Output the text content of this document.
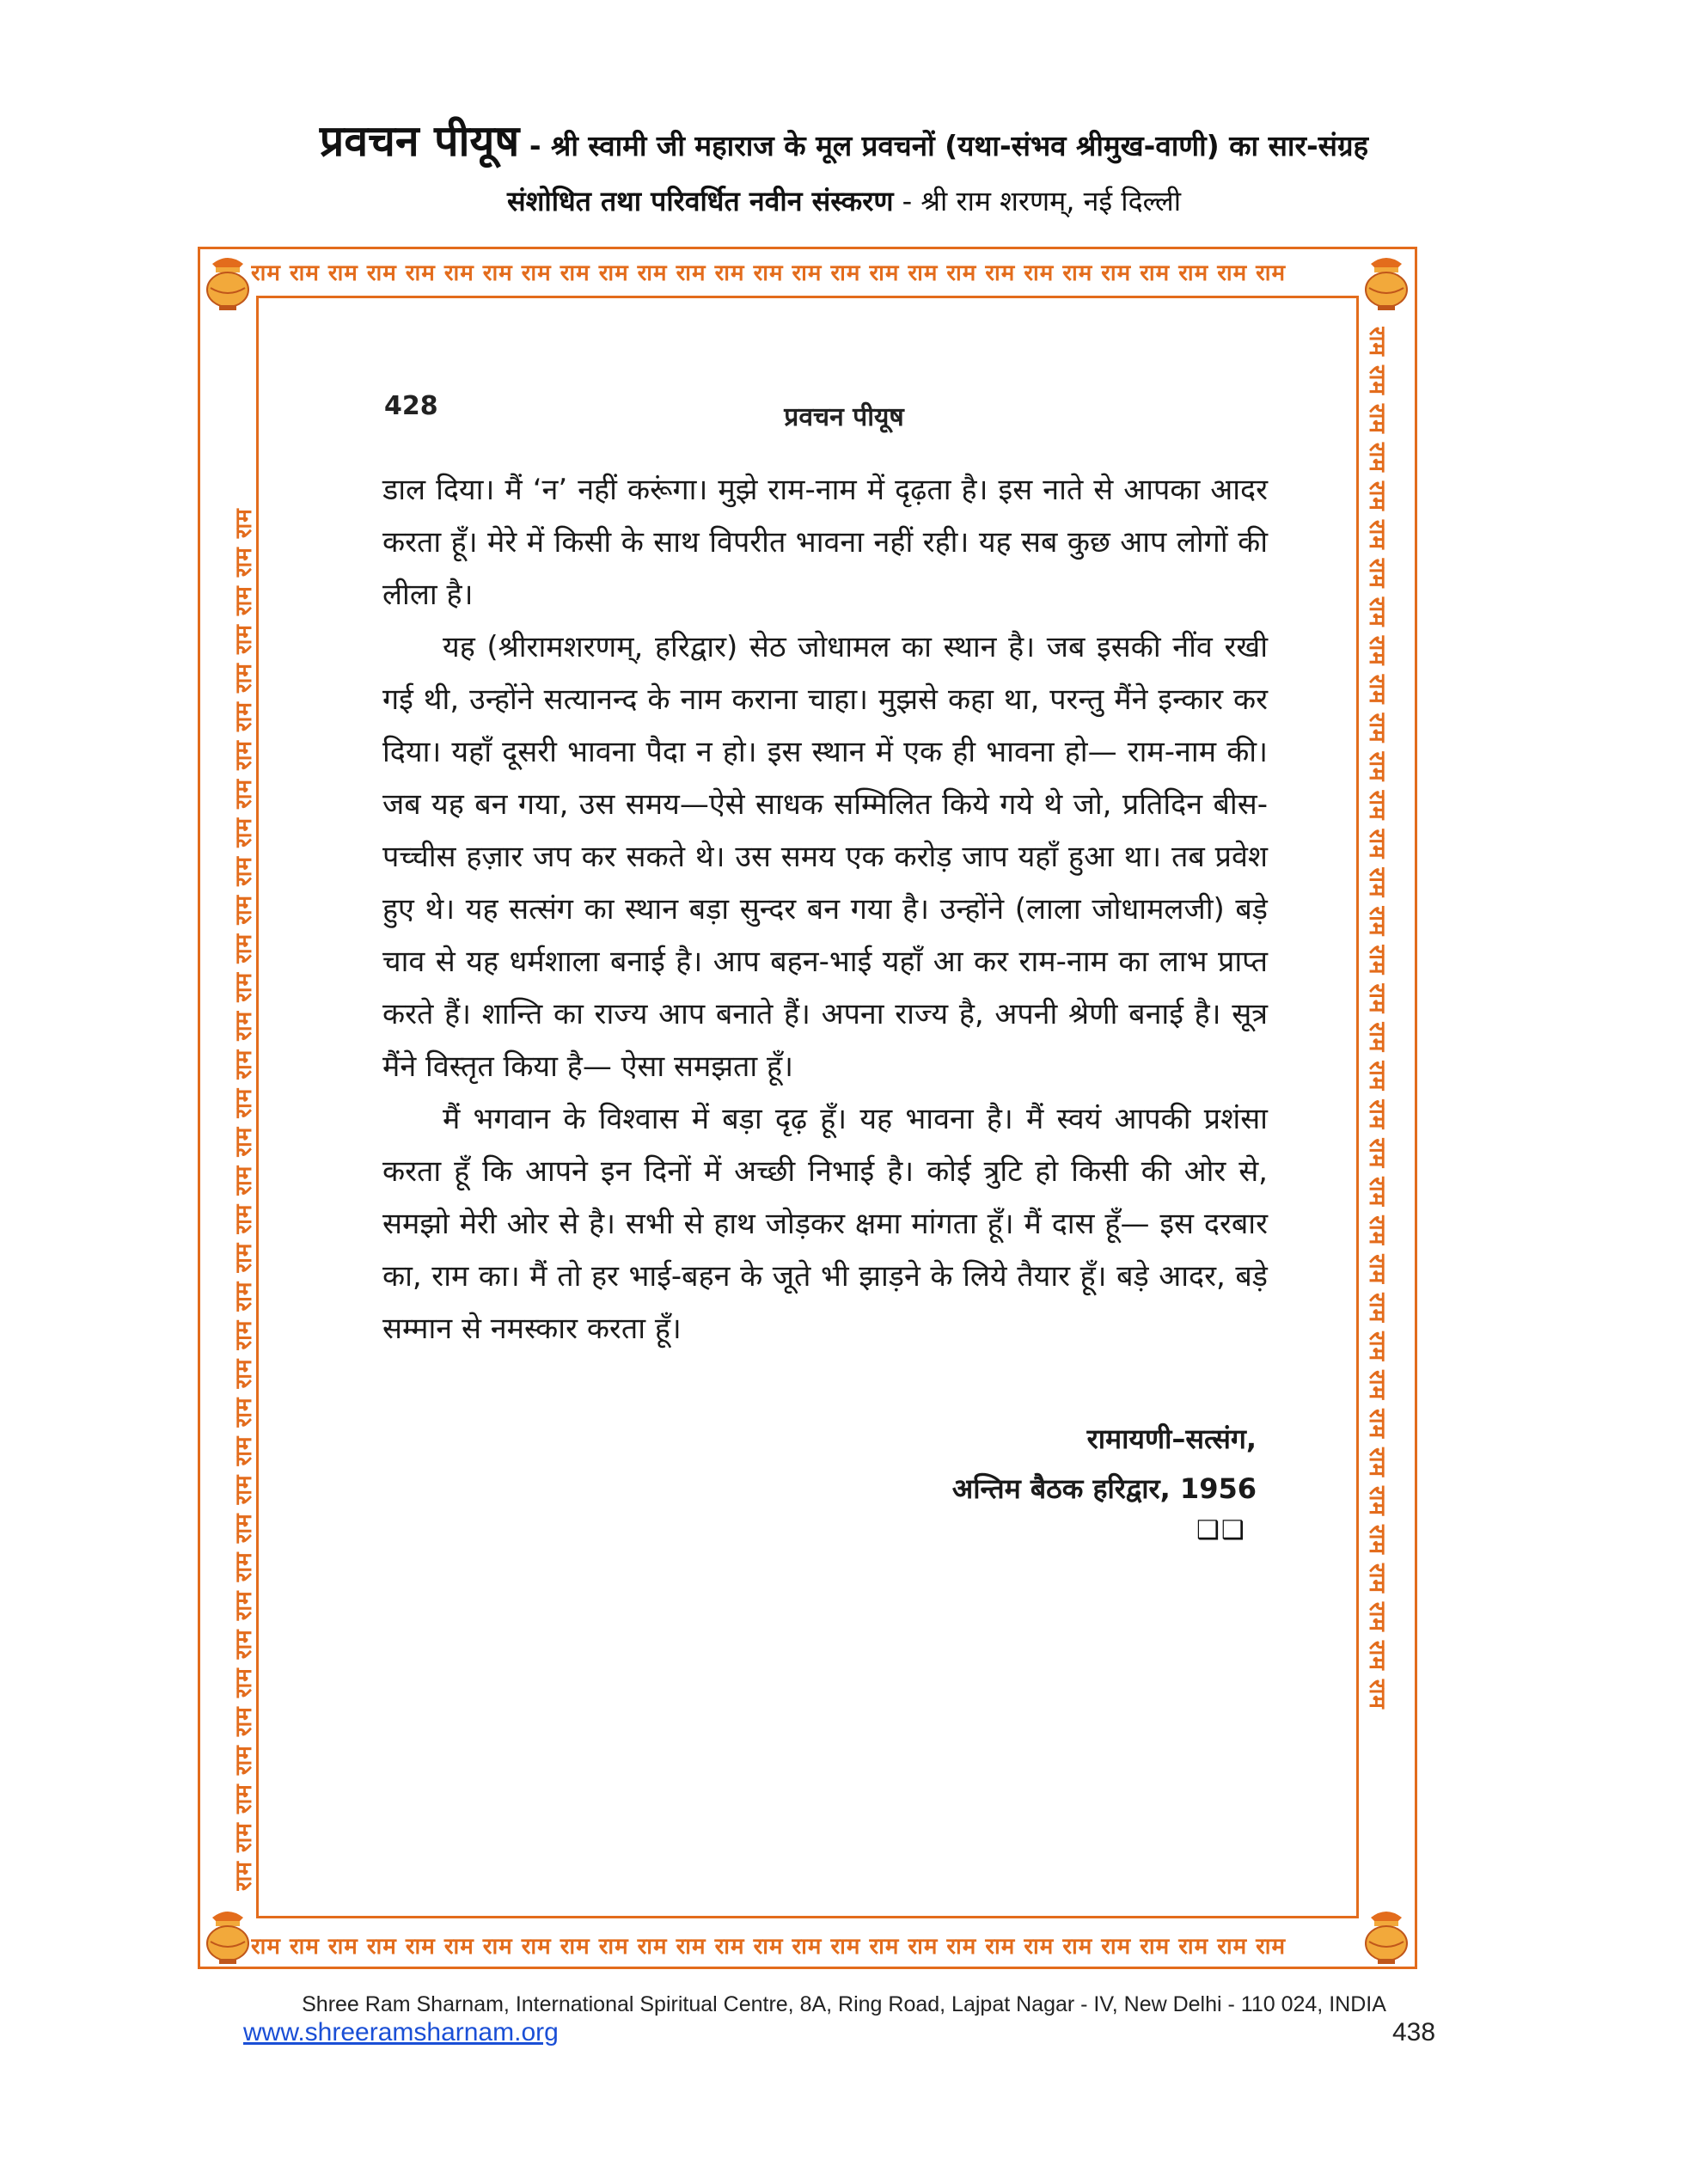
प्रवचन पीयूष - श्री स्वामी जी महाराज के मूल प्रवचनों (यथा-संभव श्रीमुख-वाणी) का सार-संग्रह
संशोधित तथा परिवर्धित नवीन संस्करण - श्री राम शरणम्, नई दिल्ली
राम राम राम राम राम राम राम राम राम राम राम राम राम राम राम राम राम राम राम राम राम राम राम राम राम राम राम
राम राम राम राम राम राम राम राम राम राम राम राम राम राम राम राम राम राम राम राम राम राम राम राम राम राम राम
राम राम राम राम राम राम राम राम राम राम राम राम राम राम राम राम राम राम राम राम राम राम राम राम राम राम राम राम राम राम राम राम राम राम राम राम	राम राम राम राम राम राम राम राम राम राम राम राम राम राम राम राम राम राम राम राम राम राम राम राम राम राम राम राम राम राम राम राम राम राम राम राम
428	प्रवचन पीयूष

डाल दिया। मैं ‘न’ नहीं करूंगा। मुझे राम-नाम में दृढ़ता है। इस नाते से आपका आदर करता हूँ। मेरे में किसी के साथ विपरीत भावना नहीं रही। यह सब कुछ आप लोगों की लीला है।

यह (श्रीरामशरणम्, हरिद्वार) सेठ जोधामल का स्थान है। जब इसकी नींव रखी गई थी, उन्होंने सत्यानन्द के नाम कराना चाहा। मुझसे कहा था, परन्तु मैंने इन्कार कर दिया। यहाँ दूसरी भावना पैदा न हो। इस स्थान में एक ही भावना हो— राम-नाम की। जब यह बन गया, उस समय—ऐसे साधक सम्मिलित किये गये थे जो, प्रतिदिन बीस-पच्चीस हज़ार जप कर सकते थे। उस समय एक करोड़ जाप यहाँ हुआ था। तब प्रवेश हुए थे। यह सत्संग का स्थान बड़ा सुन्दर बन गया है। उन्होंने (लाला जोधामलजी) बड़े चाव से यह धर्मशाला बनाई है। आप बहन-भाई यहाँ आ कर राम-नाम का लाभ प्राप्त करते हैं। शान्ति का राज्य आप बनाते हैं। अपना राज्य है, अपनी श्रेणी बनाई है। सूत्र मैंने विस्तृत किया है— ऐसा समझता हूँ।

मैं भगवान के विश्वास में बड़ा दृढ़ हूँ। यह भावना है। मैं स्वयं आपकी प्रशंसा करता हूँ कि आपने इन दिनों में अच्छी निभाई है। कोई त्रुटि हो किसी की ओर से, समझो मेरी ओर से है। सभी से हाथ जोड़कर क्षमा मांगता हूँ। मैं दास हूँ— इस दरबार का, राम का। मैं तो हर भाई-बहन के जूते भी झाड़ने के लिये तैयार हूँ। बड़े आदर, बड़े सम्मान से नमस्कार करता हूँ।

रामायणी–सत्संग,
अन्तिम बैठक हरिद्वार, 1956
❑❑
Shree Ram Sharnam, International Spiritual Centre, 8A, Ring Road, Lajpat Nagar - IV, New Delhi - 110 024, INDIA
www.shreeramsharnam.org	438
